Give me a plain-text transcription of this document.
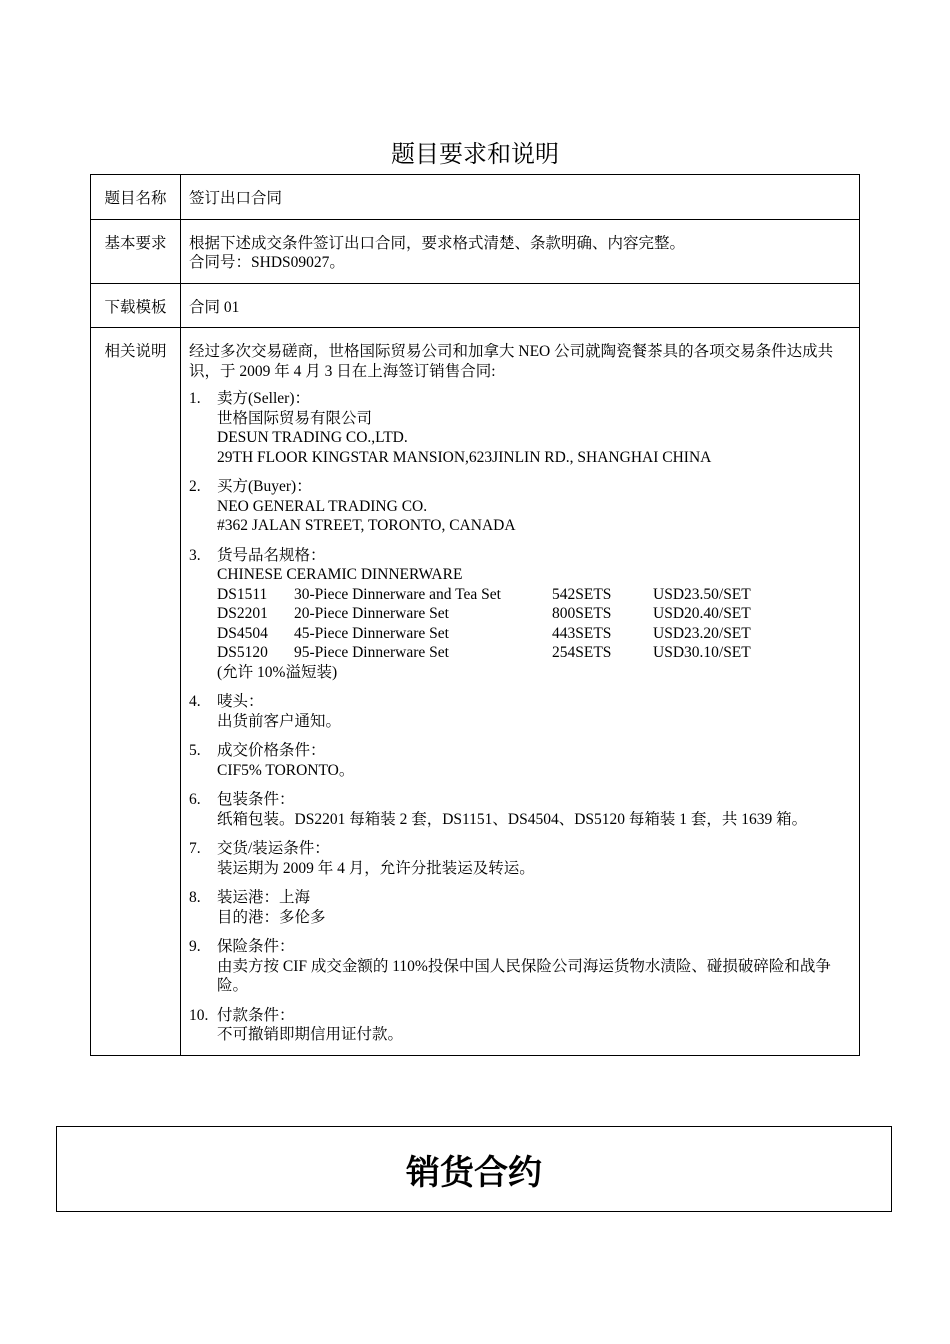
题目要求和说明
题目名称	签订出口合同
基本要求	根据下述成交条件签订出口合同，要求格式清楚、条款明确、内容完整。
合同号：SHDS09027。

下载模板	合同 01
相关说明	经过多次交易磋商，世格国际贸易公司和加拿大 NEO 公司就陶瓷餐茶具的各项交易条件达成共识，于 2009 年 4 月 3 日在上海签订销售合同:

1.	卖方(Seller)：
世格国际贸易有限公司
DESUN TRADING CO.,LTD.
29TH FLOOR KINGSTAR MANSION,623JINLIN RD., SHANGHAI CHINA
2.	买方(Buyer)：
NEO GENERAL TRADING CO.
#362 JALAN STREET, TORONTO, CANADA
3.	货号品名规格：
CHINESE CERAMIC DINNERWARE
DS1511	30-Piece Dinnerware and Tea Set	542SETS	USD23.50/SET
DS2201	20-Piece Dinnerware Set	800SETS	USD20.40/SET
DS4504	45-Piece Dinnerware Set	443SETS	USD23.20/SET
DS5120	95-Piece Dinnerware Set	254SETS	USD30.10/SET
(允许 10%溢短装)
4.	唛头：
出货前客户通知。
5.	成交价格条件：
CIF5% TORONTO。
6.	包装条件：
纸箱包装。DS2201 每箱装 2 套，DS1151、DS4504、DS5120 每箱装 1 套，共 1639 箱。
7.	交货/装运条件：
装运期为 2009 年 4 月，允许分批装运及转运。
8.	装运港：上海
目的港：多伦多
9.	保险条件：
由卖方按 CIF 成交金额的 110%投保中国人民保险公司海运货物水渍险、碰损破碎险和战争险。
10. 付款条件：
不可撤销即期信用证付款。
销货合约
